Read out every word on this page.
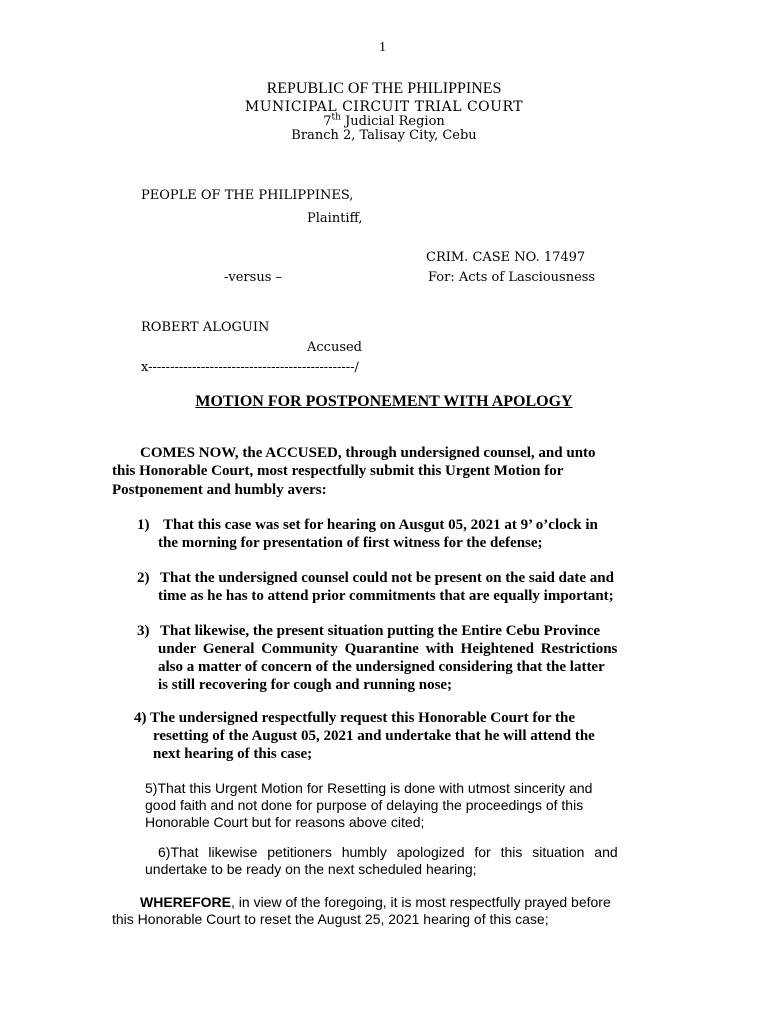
1
REPUBLIC OF THE PHILIPPINES
MUNICIPAL CIRCUIT TRIAL COURT
7th Judicial Region
Branch 2, Talisay City, Cebu
PEOPLE OF THE PHILIPPINES,
Plaintiff,
CRIM. CASE NO. 17497
-versus –	For: Acts of Lasciousness
ROBERT ALOGUIN
Accused
x-----------------------------------------------/
MOTION FOR POSTPONEMENT WITH APOLOGY
COMES NOW, the ACCUSED, through undersigned counsel, and unto
this Honorable Court, most respectfully submit this Urgent Motion for
Postponement and humbly avers:
1) That this case was set for hearing on Ausgut 05, 2021 at 9’ o’clock in
the morning for presentation of first witness for the defense;
2) That the undersigned counsel could not be present on the said date and
time as he has to attend prior commitments that are equally important;
3) That likewise, the present situation putting the Entire Cebu Province
under General Community Quarantine with Heightened Restrictions
also a matter of concern of the undersigned considering that the latter
is still recovering for cough and running nose;
4) The undersigned respectfully request this Honorable Court for the
resetting of the August 05, 2021 and undertake that he will attend the
next hearing of this case;
5)That this Urgent Motion for Resetting is done with utmost sincerity and
good faith and not done for purpose of delaying the proceedings of this
Honorable Court but for reasons above cited;
6)That likewise petitioners humbly apologized for this situation and
undertake to be ready on the next scheduled hearing;
WHEREFORE, in view of the foregoing, it is most respectfully prayed before
this Honorable Court to reset the August 25, 2021 hearing of this case;
